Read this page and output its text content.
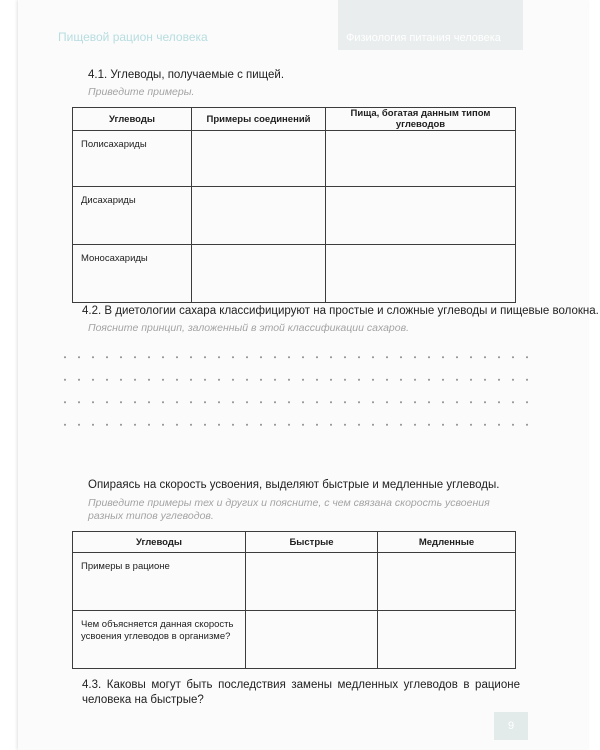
Пищевой рацион человека	Физиология питания человека
4.1. Углеводы, получаемые с пищей.
Приведите примеры.
Углеводы	Примеры соединений	Пища, богатая данным типом углеводов
Полисахариды		
Дисахариды		
Моносахариды		
4.2. В диетологии сахара классифицируют на простые и сложные углеводы и пищевые волокна.
Поясните принцип, заложенный в этой классификации сахаров.
Опираясь на скорость усвоения, выделяют быстрые и медленные углеводы.
Приведите примеры тех и других и поясните, с чем связана скорость усвоения разных типов углеводов.
Углеводы	Быстрые	Медленные
Примеры в рационе		
Чем объясняется данная скорость усвоения углеводов в организме?		
4.3. Каковы могут быть последствия замены медленных углеводов в рационе человека на быстрые?
9
